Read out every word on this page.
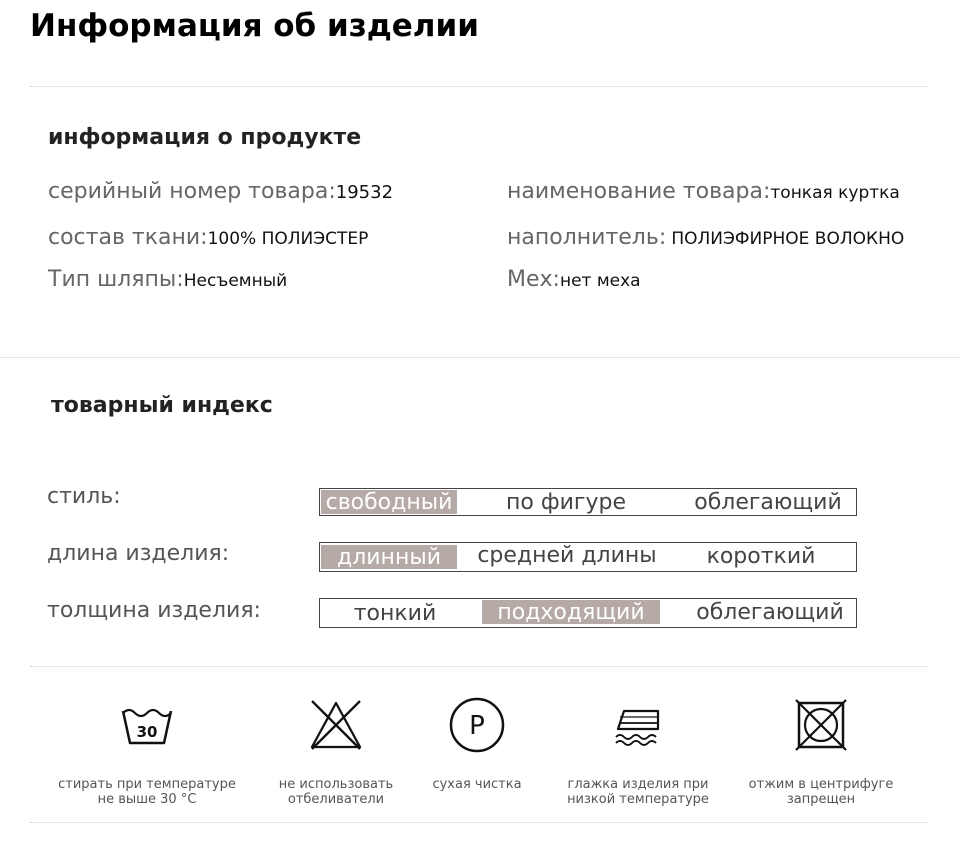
Информация об изделии
информация о продукте
серийный номер товара:19532	наименование товара:тонкая куртка
состав ткани:100% ПОЛИЭСТЕР	наполнитель: ПОЛИЭФИРНОЕ ВОЛОКНО
Тип шляпы:Несъемный	Мех:нет меха
товарный индекс
стиль:	свободный	по фигуре	облегающий
длина изделия:	длинный	средней длины	короткий
толщина изделия:	тонкий	подходящий	облегающий
30
стирать при температуре
не выше 30 °C
не использовать
отбеливатели
P
сухая чистка	глажка изделия при
низкой температуре
отжим в центрифуге
запрещен
